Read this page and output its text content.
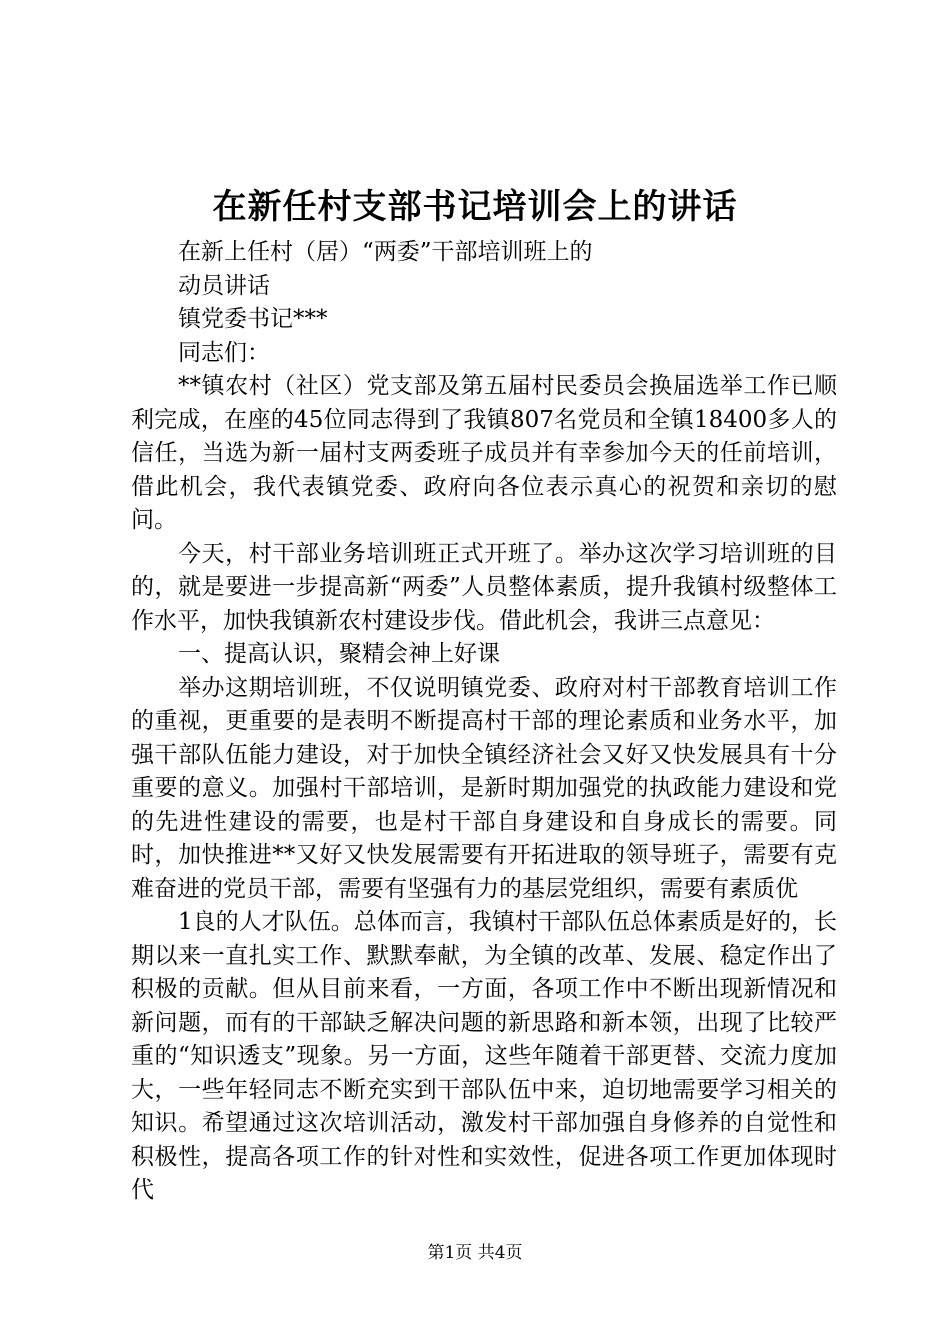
在新任村支部书记培训会上的讲话

在新上任村（居）“两委”干部培训班上的

动员讲话

镇党委书记***

同志们：

**镇农村（社区）党支部及第五届村民委员会换届选举工作已顺利完成，在座的45位同志得到了我镇807名党员和全镇18400多人的信任，当选为新一届村支两委班子成员并有幸参加今天的任前培训，借此机会，我代表镇党委、政府向各位表示真心的祝贺和亲切的慰问。

今天，村干部业务培训班正式开班了。举办这次学习培训班的目的，就是要进一步提高新“两委”人员整体素质，提升我镇村级整体工作水平，加快我镇新农村建设步伐。借此机会，我讲三点意见：

一、提高认识，聚精会神上好课

举办这期培训班，不仅说明镇党委、政府对村干部教育培训工作的重视，更重要的是表明不断提高村干部的理论素质和业务水平，加强干部队伍能力建设，对于加快全镇经济社会又好又快发展具有十分重要的意义。加强村干部培训，是新时期加强党的执政能力建设和党的先进性建设的需要，也是村干部自身建设和自身成长的需要。同时，加快推进**又好又快发展需要有开拓进取的领导班子，需要有克难奋进的党员干部，需要有坚强有力的基层党组织，需要有素质优

1良的人才队伍。总体而言，我镇村干部队伍总体素质是好的，长期以来一直扎实工作、默默奉献，为全镇的改革、发展、稳定作出了积极的贡献。但从目前来看，一方面，各项工作中不断出现新情况和新问题，而有的干部缺乏解决问题的新思路和新本领，出现了比较严重的“知识透支”现象。另一方面，这些年随着干部更替、交流力度加大，一些年轻同志不断充实到干部队伍中来，迫切地需要学习相关的知识。希望通过这次培训活动，激发村干部加强自身修养的自觉性和积极性，提高各项工作的针对性和实效性，促进各项工作更加体现时代

第1页 共4页
